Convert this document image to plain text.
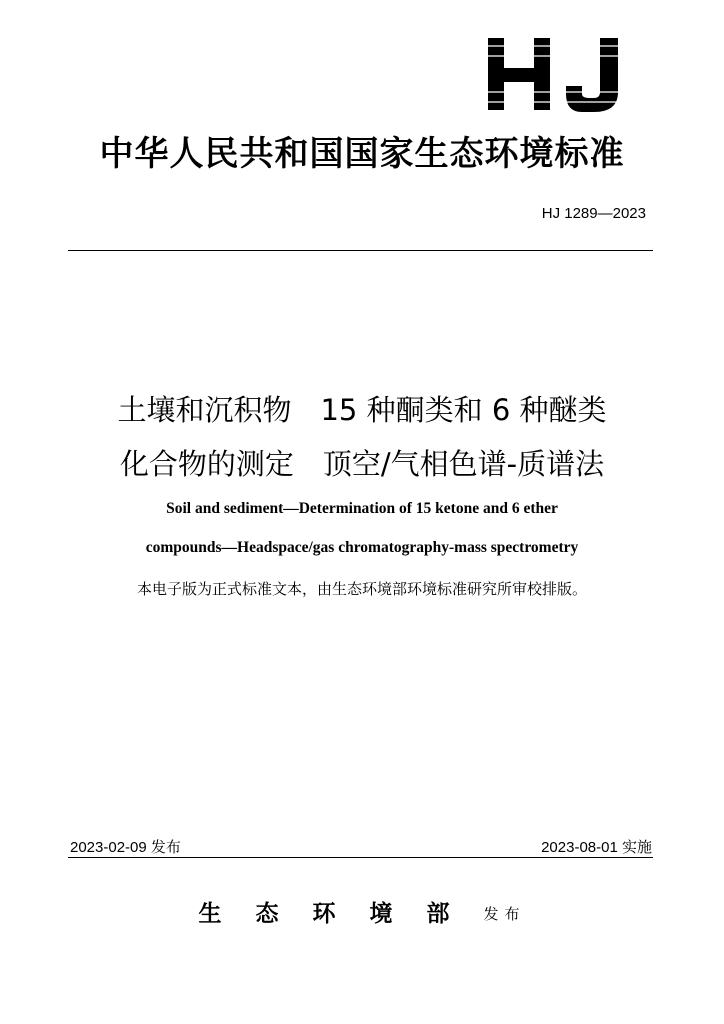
中华人民共和国国家生态环境标准
HJ 1289—2023
土壤和沉积物　15 种酮类和 6 种醚类
化合物的测定　顶空/气相色谱-质谱法
Soil and sediment—Determination of 15 ketone and 6 ether
compounds—Headspace/gas chromatography-mass spectrometry
本电子版为正式标准文本，由生态环境部环境标准研究所审校排版。
2023-02-09 发布	2023-08-01 实施
生态环境部发布
